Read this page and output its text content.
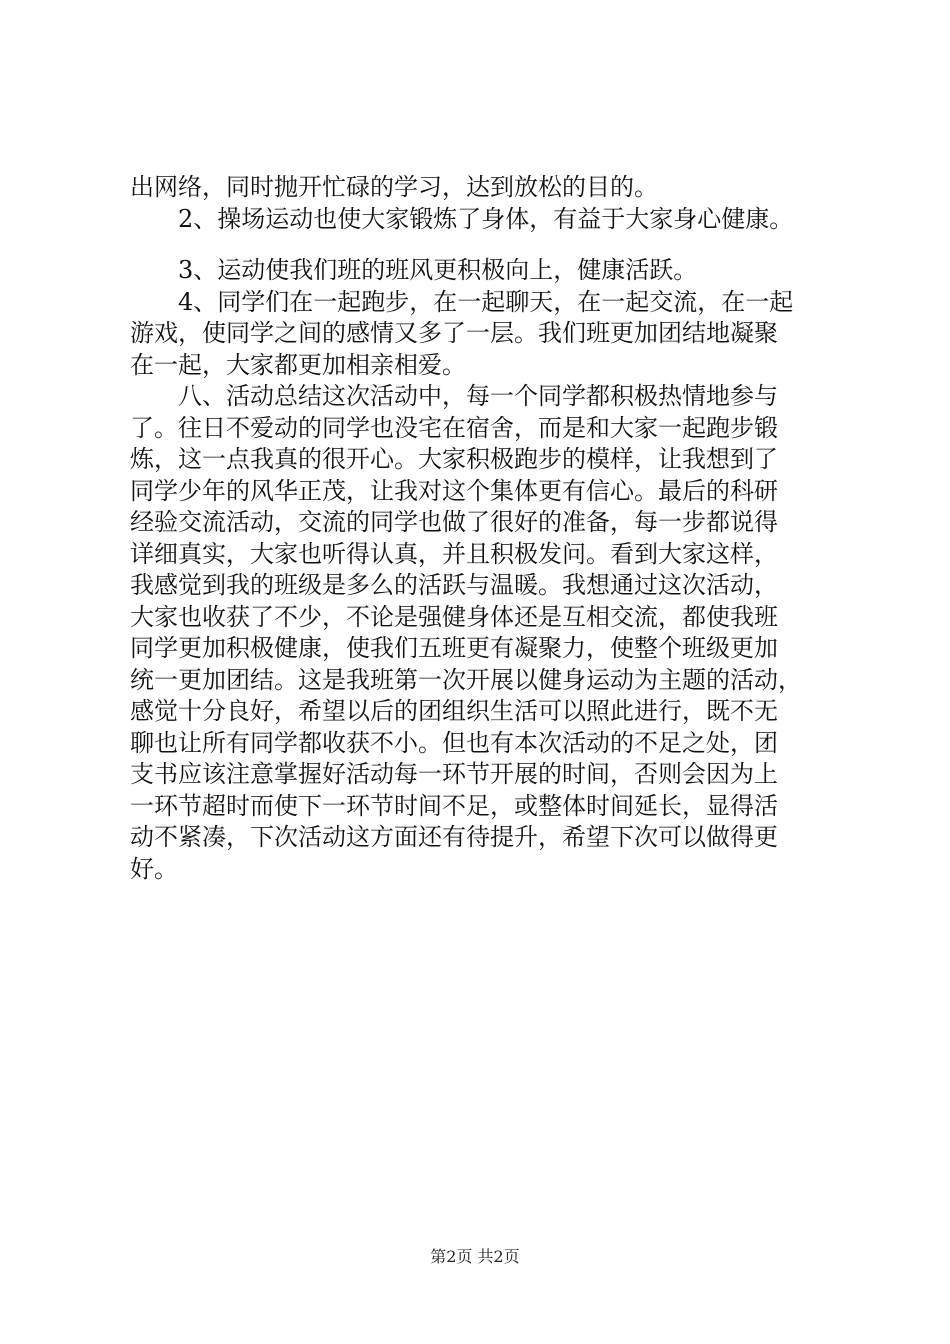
出网络，同时抛开忙碌的学习，达到放松的目的。
2、操场运动也使大家锻炼了身体，有益于大家身心健康。
3、运动使我们班的班风更积极向上，健康活跃。
4、同学们在一起跑步，在一起聊天，在一起交流，在一起
游戏，使同学之间的感情又多了一层。我们班更加团结地凝聚
在一起，大家都更加相亲相爱。
八、活动总结这次活动中，每一个同学都积极热情地参与
了。往日不爱动的同学也没宅在宿舍，而是和大家一起跑步锻
炼，这一点我真的很开心。大家积极跑步的模样，让我想到了
同学少年的风华正茂，让我对这个集体更有信心。最后的科研
经验交流活动，交流的同学也做了很好的准备，每一步都说得
详细真实，大家也听得认真，并且积极发问。看到大家这样，
我感觉到我的班级是多么的活跃与温暖。我想通过这次活动，
大家也收获了不少，不论是强健身体还是互相交流，都使我班
同学更加积极健康，使我们五班更有凝聚力，使整个班级更加
统一更加团结。这是我班第一次开展以健身运动为主题的活动，
感觉十分良好，希望以后的团组织生活可以照此进行，既不无
聊也让所有同学都收获不小。但也有本次活动的不足之处，团
支书应该注意掌握好活动每一环节开展的时间，否则会因为上
一环节超时而使下一环节时间不足，或整体时间延长，显得活
动不紧凑，下次活动这方面还有待提升，希望下次可以做得更
好。
第2页 共2页
